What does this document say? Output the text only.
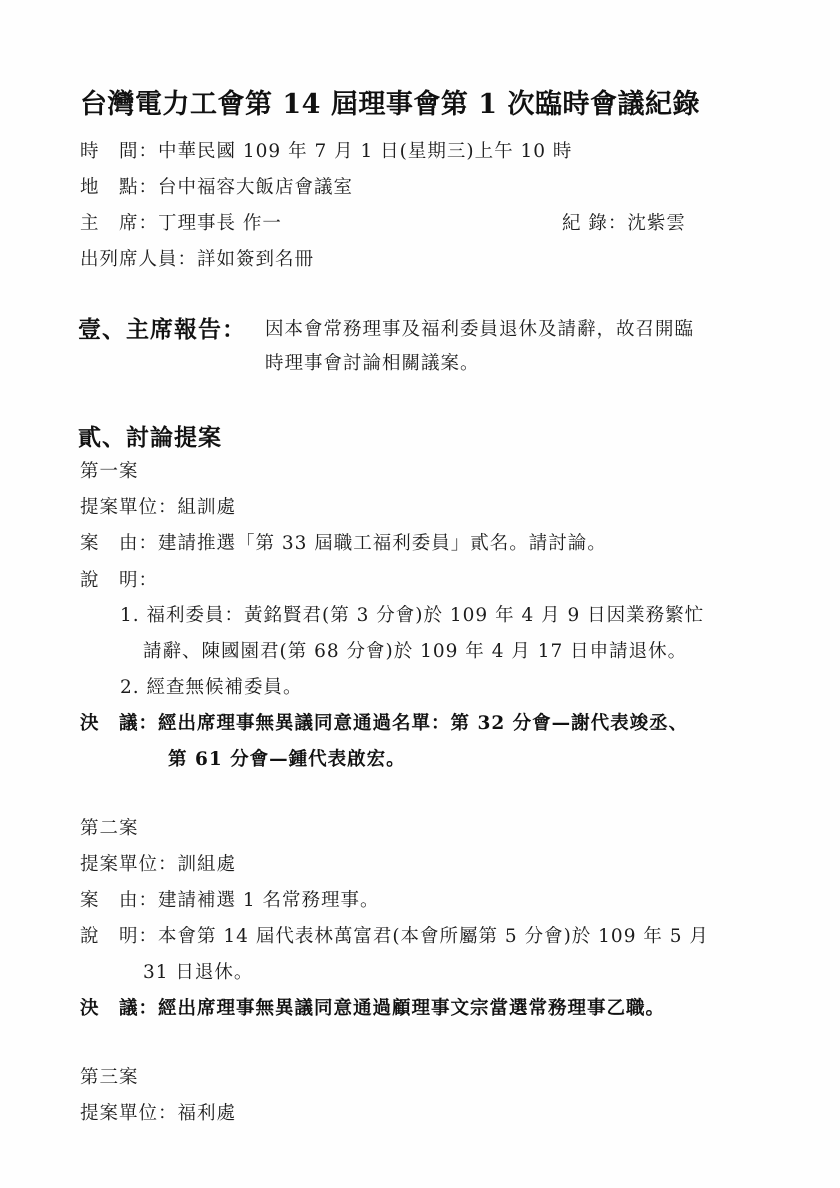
台灣電力工會第 14 屆理事會第 1 次臨時會議紀錄
時　間：中華民國 109 年 7 月 1 日(星期三)上午 10 時
地　點：台中福容大飯店會議室
主　席：丁理事長 作一	紀 錄：沈紫雲
出列席人員：詳如簽到名冊
壹、主席報告： 因本會常務理事及福利委員退休及請辭，故召開臨
時理事會討論相關議案。
貳、討論提案
第一案
提案單位：組訓處
案　由：建請推選「第 33 屆職工福利委員」貳名。請討論。
說　明：
1. 福利委員：黃銘賢君(第 3 分會)於 109 年 4 月 9 日因業務繁忙
請辭、陳國園君(第 68 分會)於 109 年 4 月 17 日申請退休。
2. 經查無候補委員。
決　議：經出席理事無異議同意通過名單：第 32 分會—謝代表竣丞、
第 61 分會—鍾代表啟宏。
第二案
提案單位：訓組處
案　由：建請補選 1 名常務理事。
說　明：本會第 14 屆代表林萬富君(本會所屬第 5 分會)於 109 年 5 月
31 日退休。
決　議：經出席理事無異議同意通過顧理事文宗當選常務理事乙職。
第三案
提案單位：福利處
